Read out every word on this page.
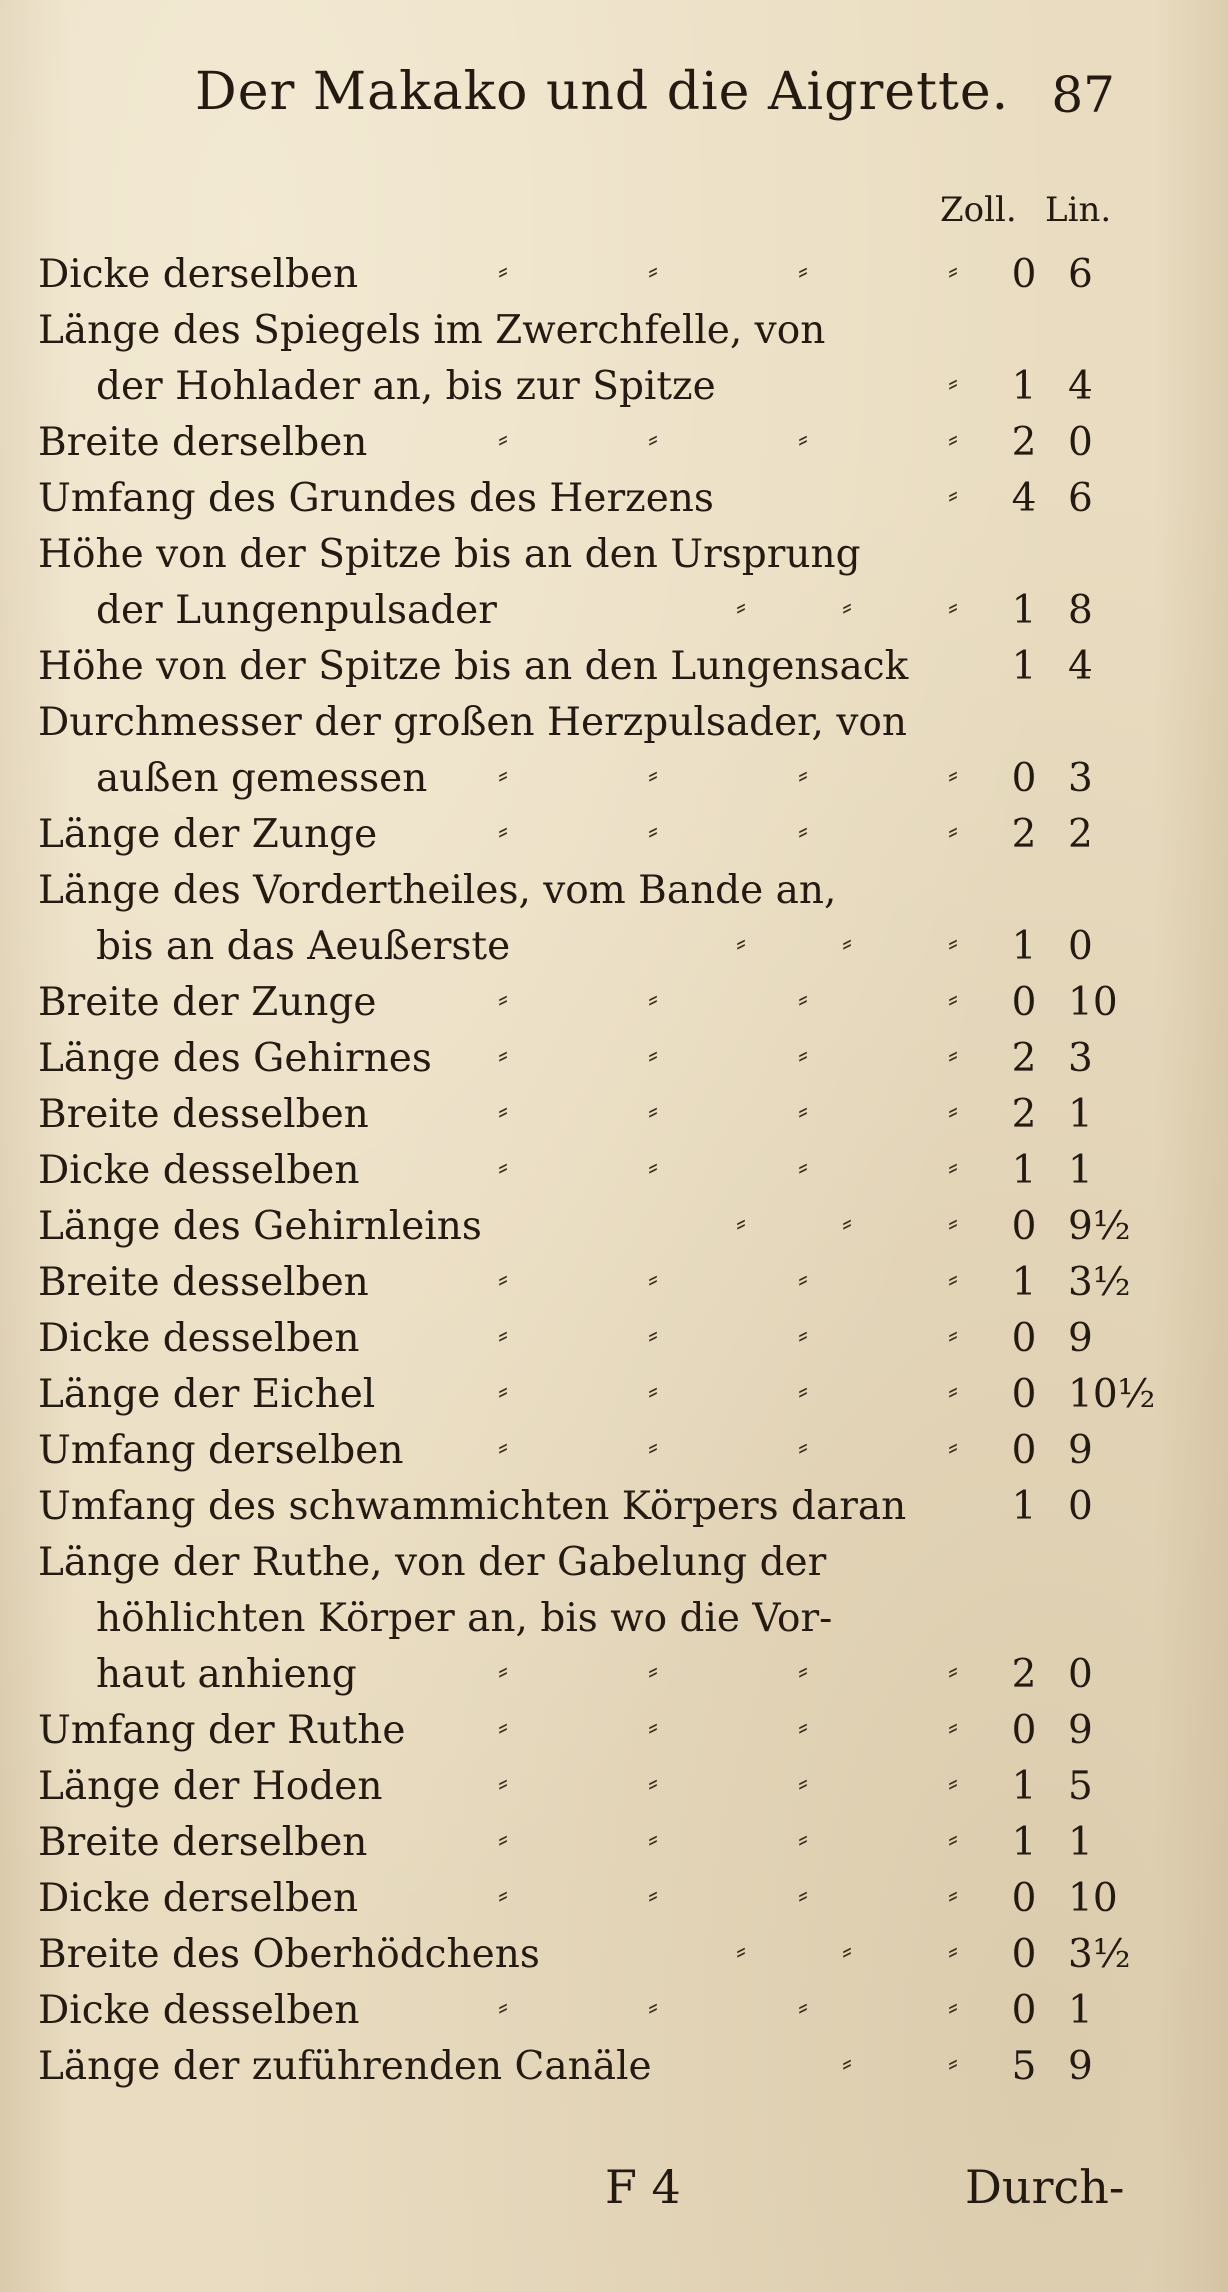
Der Makako und die Aigrette. 87
Zoll. Lin.
Dicke derselben	⸗	⸗	⸗	⸗ 0 6
Länge des Spiegels im Zwerchfelle, von
der Hohlader an, bis zur Spitze	⸗ 1 4
Breite derselben	⸗	⸗	⸗	⸗ 2 0
Umfang des Grundes des Herzens	⸗ 4 6
Höhe von der Spitze bis an den Ursprung
der Lungenpulsader	⸗	⸗	⸗ 1 8
Höhe von der Spitze bis an den Lungensack	1 4
Durchmesser der großen Herzpulsader, von
außen gemessen ⸗	⸗	⸗	⸗ 0 3
Länge der Zunge	⸗	⸗	⸗	⸗ 2 2
Länge des Vordertheiles, vom Bande an,
bis an das Aeußerste	⸗	⸗	⸗ 1 0
Breite der Zunge	⸗	⸗	⸗	⸗ 0 10
Länge des Gehirnes ⸗	⸗	⸗	⸗ 2 3
Breite desselben	⸗	⸗	⸗	⸗ 2 1
Dicke desselben	⸗	⸗	⸗	⸗ 1 1
Länge des Gehirnleins	⸗	⸗	⸗ 0 9½
Breite desselben	⸗	⸗	⸗	⸗ 1 3½
Dicke desselben	⸗	⸗	⸗	⸗ 0 9
Länge der Eichel	⸗	⸗	⸗	⸗ 0 10½
Umfang derselben	⸗	⸗	⸗	⸗ 0 9
Umfang des schwammichten Körpers daran	1 0
Länge der Ruthe, von der Gabelung der
höhlichten Körper an, bis wo die Vor-
haut anhieng	⸗	⸗	⸗	⸗ 2 0
Umfang der Ruthe	⸗	⸗	⸗	⸗ 0 9
Länge der Hoden	⸗	⸗	⸗	⸗ 1 5
Breite derselben	⸗	⸗	⸗	⸗ 1 1
Dicke derselben	⸗	⸗	⸗	⸗ 0 10
Breite des Oberhödchens	⸗	⸗	⸗ 0 3½
Dicke desselben	⸗	⸗	⸗	⸗ 0 1
Länge der zuführenden Canäle	⸗	⸗ 5 9
F 4	Durch-
